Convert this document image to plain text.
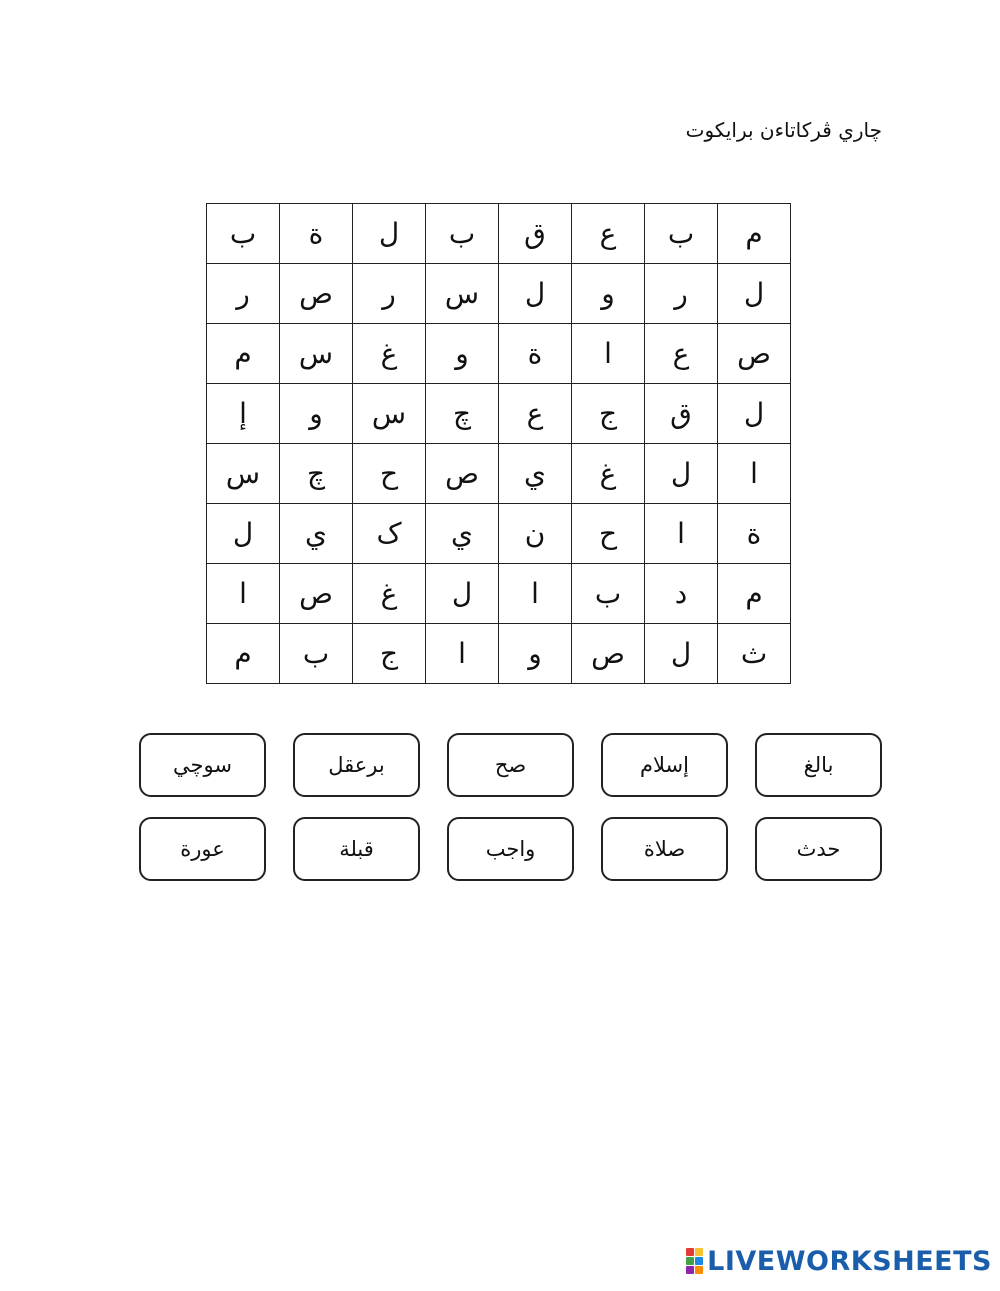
چاري ڤرکاتاءن برايکوت
م	ب	ع	ق	ب	ل	ة	ب
ل	ر	و	ل	س	ر	ص	ر
ص	ع	ا	ة	و	غ	س	م
ل	ق	ج	ع	چ	س	و	إ
ا	ل	غ	ي	ص	ح	چ	س
ة	ا	ح	ن	ي	ک	ي	ل
م	د	ب	ا	ل	غ	ص	ا
ث	ل	ص	و	ا	ج	ب	م
بالغ
إسلام
صح
برعقل
سوچي
حدث
صلاة
واجب
قبلة
عورة
LIVEWORKSHEETS
